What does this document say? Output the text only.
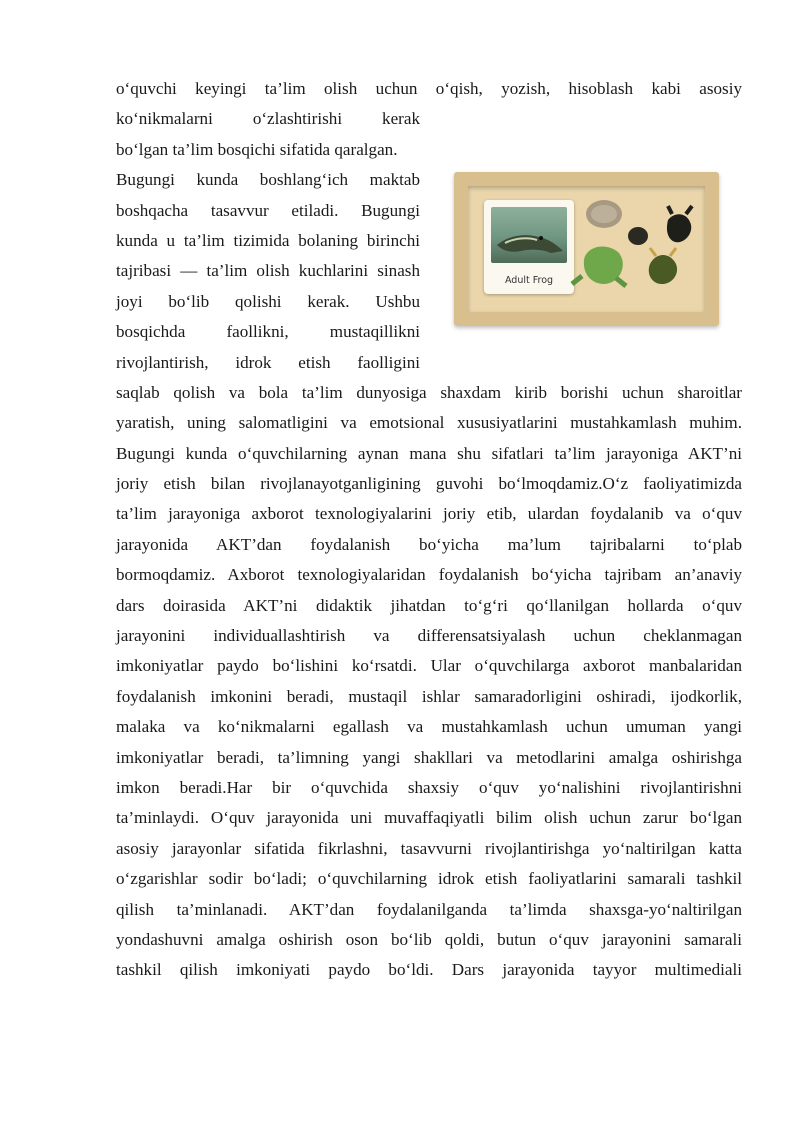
Adult Frog
o‘quvchi keyingi ta’lim olish uchun o‘qish, yozish, hisoblash kabi asosiy
ko‘nikmalarni o‘zlashtirishi kerak
bo‘lgan ta’lim bosqichi sifatida qaralgan.
Bugungi kunda boshlang‘ich maktab
boshqacha tasavvur etiladi. Bugungi
kunda u ta’lim tizimida bolaning birinchi
tajribasi — ta’lim olish kuchlarini sinash
joyi bo‘lib qolishi kerak. Ushbu
bosqichda faollikni, mustaqillikni
rivojlantirish, idrok etish faolligini
saqlab qolish va bola ta’lim dunyosiga shaxdam kirib borishi uchun sharoitlar
yaratish, uning salomatligini va emotsional xususiyatlarini mustahkamlash muhim.
Bugungi kunda o‘quvchilarning aynan mana shu sifatlari ta’lim jarayoniga AKT’ni
joriy etish bilan rivojlanayotganligining guvohi bo‘lmoqdamiz.O‘z faoliyatimizda
ta’lim jarayoniga axborot texnologiyalarini joriy etib, ulardan foydalanib va o‘quv
jarayonida AKT’dan foydalanish bo‘yicha ma’lum tajribalarni to‘plab
bormoqdamiz. Axborot texnologiyalaridan foydalanish bo‘yicha tajribam an’anaviy
dars doirasida AKT’ni didaktik jihatdan to‘g‘ri qo‘llanilgan hollarda o‘quv
jarayonini individuallashtirish va differensatsiyalash uchun cheklanmagan
imkoniyatlar paydo bo‘lishini ko‘rsatdi. Ular o‘quvchilarga axborot manbalaridan
foydalanish imkonini beradi, mustaqil ishlar samaradorligini oshiradi, ijodkorlik,
malaka va ko‘nikmalarni egallash va mustahkamlash uchun umuman yangi
imkoniyatlar beradi, ta’limning yangi shakllari va metodlarini amalga oshirishga
imkon beradi.Har bir o‘quvchida shaxsiy o‘quv yo‘nalishini rivojlantirishni
ta’minlaydi. O‘quv jarayonida uni muvaffaqiyatli bilim olish uchun zarur bo‘lgan
asosiy jarayonlar sifatida fikrlashni, tasavvurni rivojlantirishga yo‘naltirilgan katta
o‘zgarishlar sodir bo‘ladi; o‘quvchilarning idrok etish faoliyatlarini samarali tashkil
qilish ta’minlanadi. AKT’dan foydalanilganda ta’limda shaxsga-yo‘naltirilgan
yondashuvni amalga oshirish oson bo‘lib qoldi, butun o‘quv jarayonini samarali
tashkil qilish imkoniyati paydo bo‘ldi. Dars jarayonida tayyor multimediali
